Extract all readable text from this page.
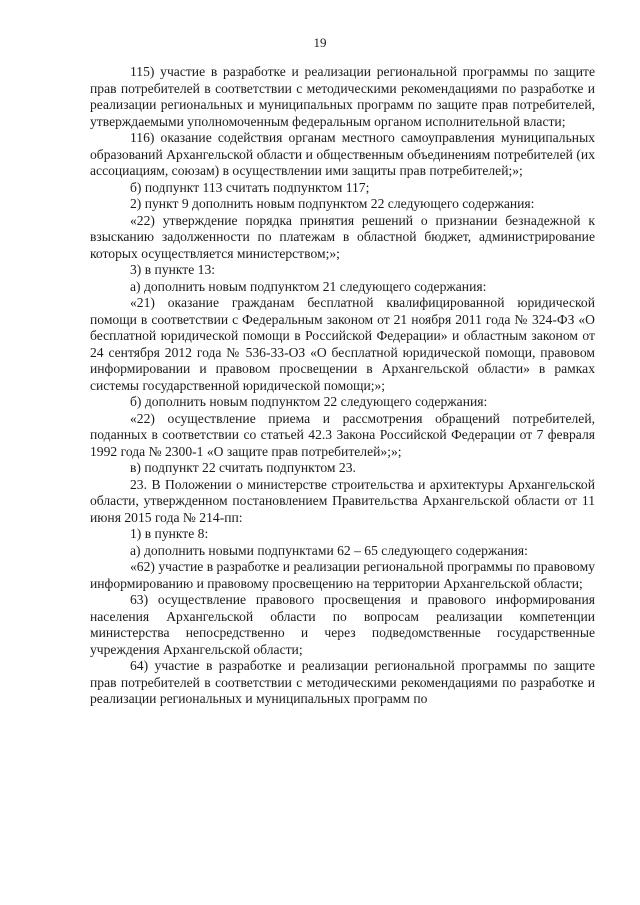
19

115) участие в разработке и реализации региональной программы по защите прав потребителей в соответствии с методическими рекомендациями по разработке и реализации региональных и муниципальных программ по защите прав потребителей, утверждаемыми уполномоченным федеральным органом исполнительной власти;

116) оказание содействия органам местного самоуправления муниципальных образований Архангельской области и общественным объединениям потребителей (их ассоциациям, союзам) в осуществлении ими защиты прав потребителей;»;

б) подпункт 113 считать подпунктом 117;

2) пункт 9 дополнить новым подпунктом 22 следующего содержания:

«22) утверждение порядка принятия решений о признании безнадежной к взысканию задолженности по платежам в областной бюджет, администрирование которых осуществляется министерством;»;

3) в пункте 13:

а) дополнить новым подпунктом 21 следующего содержания:

«21) оказание гражданам бесплатной квалифицированной юридической помощи в соответствии с Федеральным законом от 21 ноября 2011 года № 324-ФЗ «О бесплатной юридической помощи в Российской Федерации» и областным законом от 24 сентября 2012 года № 536-33-ОЗ «О бесплатной юридической помощи, правовом информировании и правовом просвещении в Архангельской области» в рамках системы государственной юридической помощи;»;

б) дополнить новым подпунктом 22 следующего содержания:

«22) осуществление приема и рассмотрения обращений потребителей, поданных в соответствии со статьей 42.3 Закона Российской Федерации от 7 февраля 1992 года № 2300-1 «О защите прав потребителей»;»;

в) подпункт 22 считать подпунктом 23.

23. В Положении о министерстве строительства и архитектуры Архангельской области, утвержденном постановлением Правительства Архангельской области от 11 июня 2015 года № 214-пп:

1) в пункте 8:

а) дополнить новыми подпунктами 62 – 65 следующего содержания:

«62) участие в разработке и реализации региональной программы по правовому информированию и правовому просвещению на территории Архангельской области;

63) осуществление правового просвещения и правового информирования населения Архангельской области по вопросам реализации компетенции министерства непосредственно и через подведомственные государственные учреждения Архангельской области;

64) участие в разработке и реализации региональной программы по защите прав потребителей в соответствии с методическими рекомендациями по разработке и реализации региональных и муниципальных программ по
